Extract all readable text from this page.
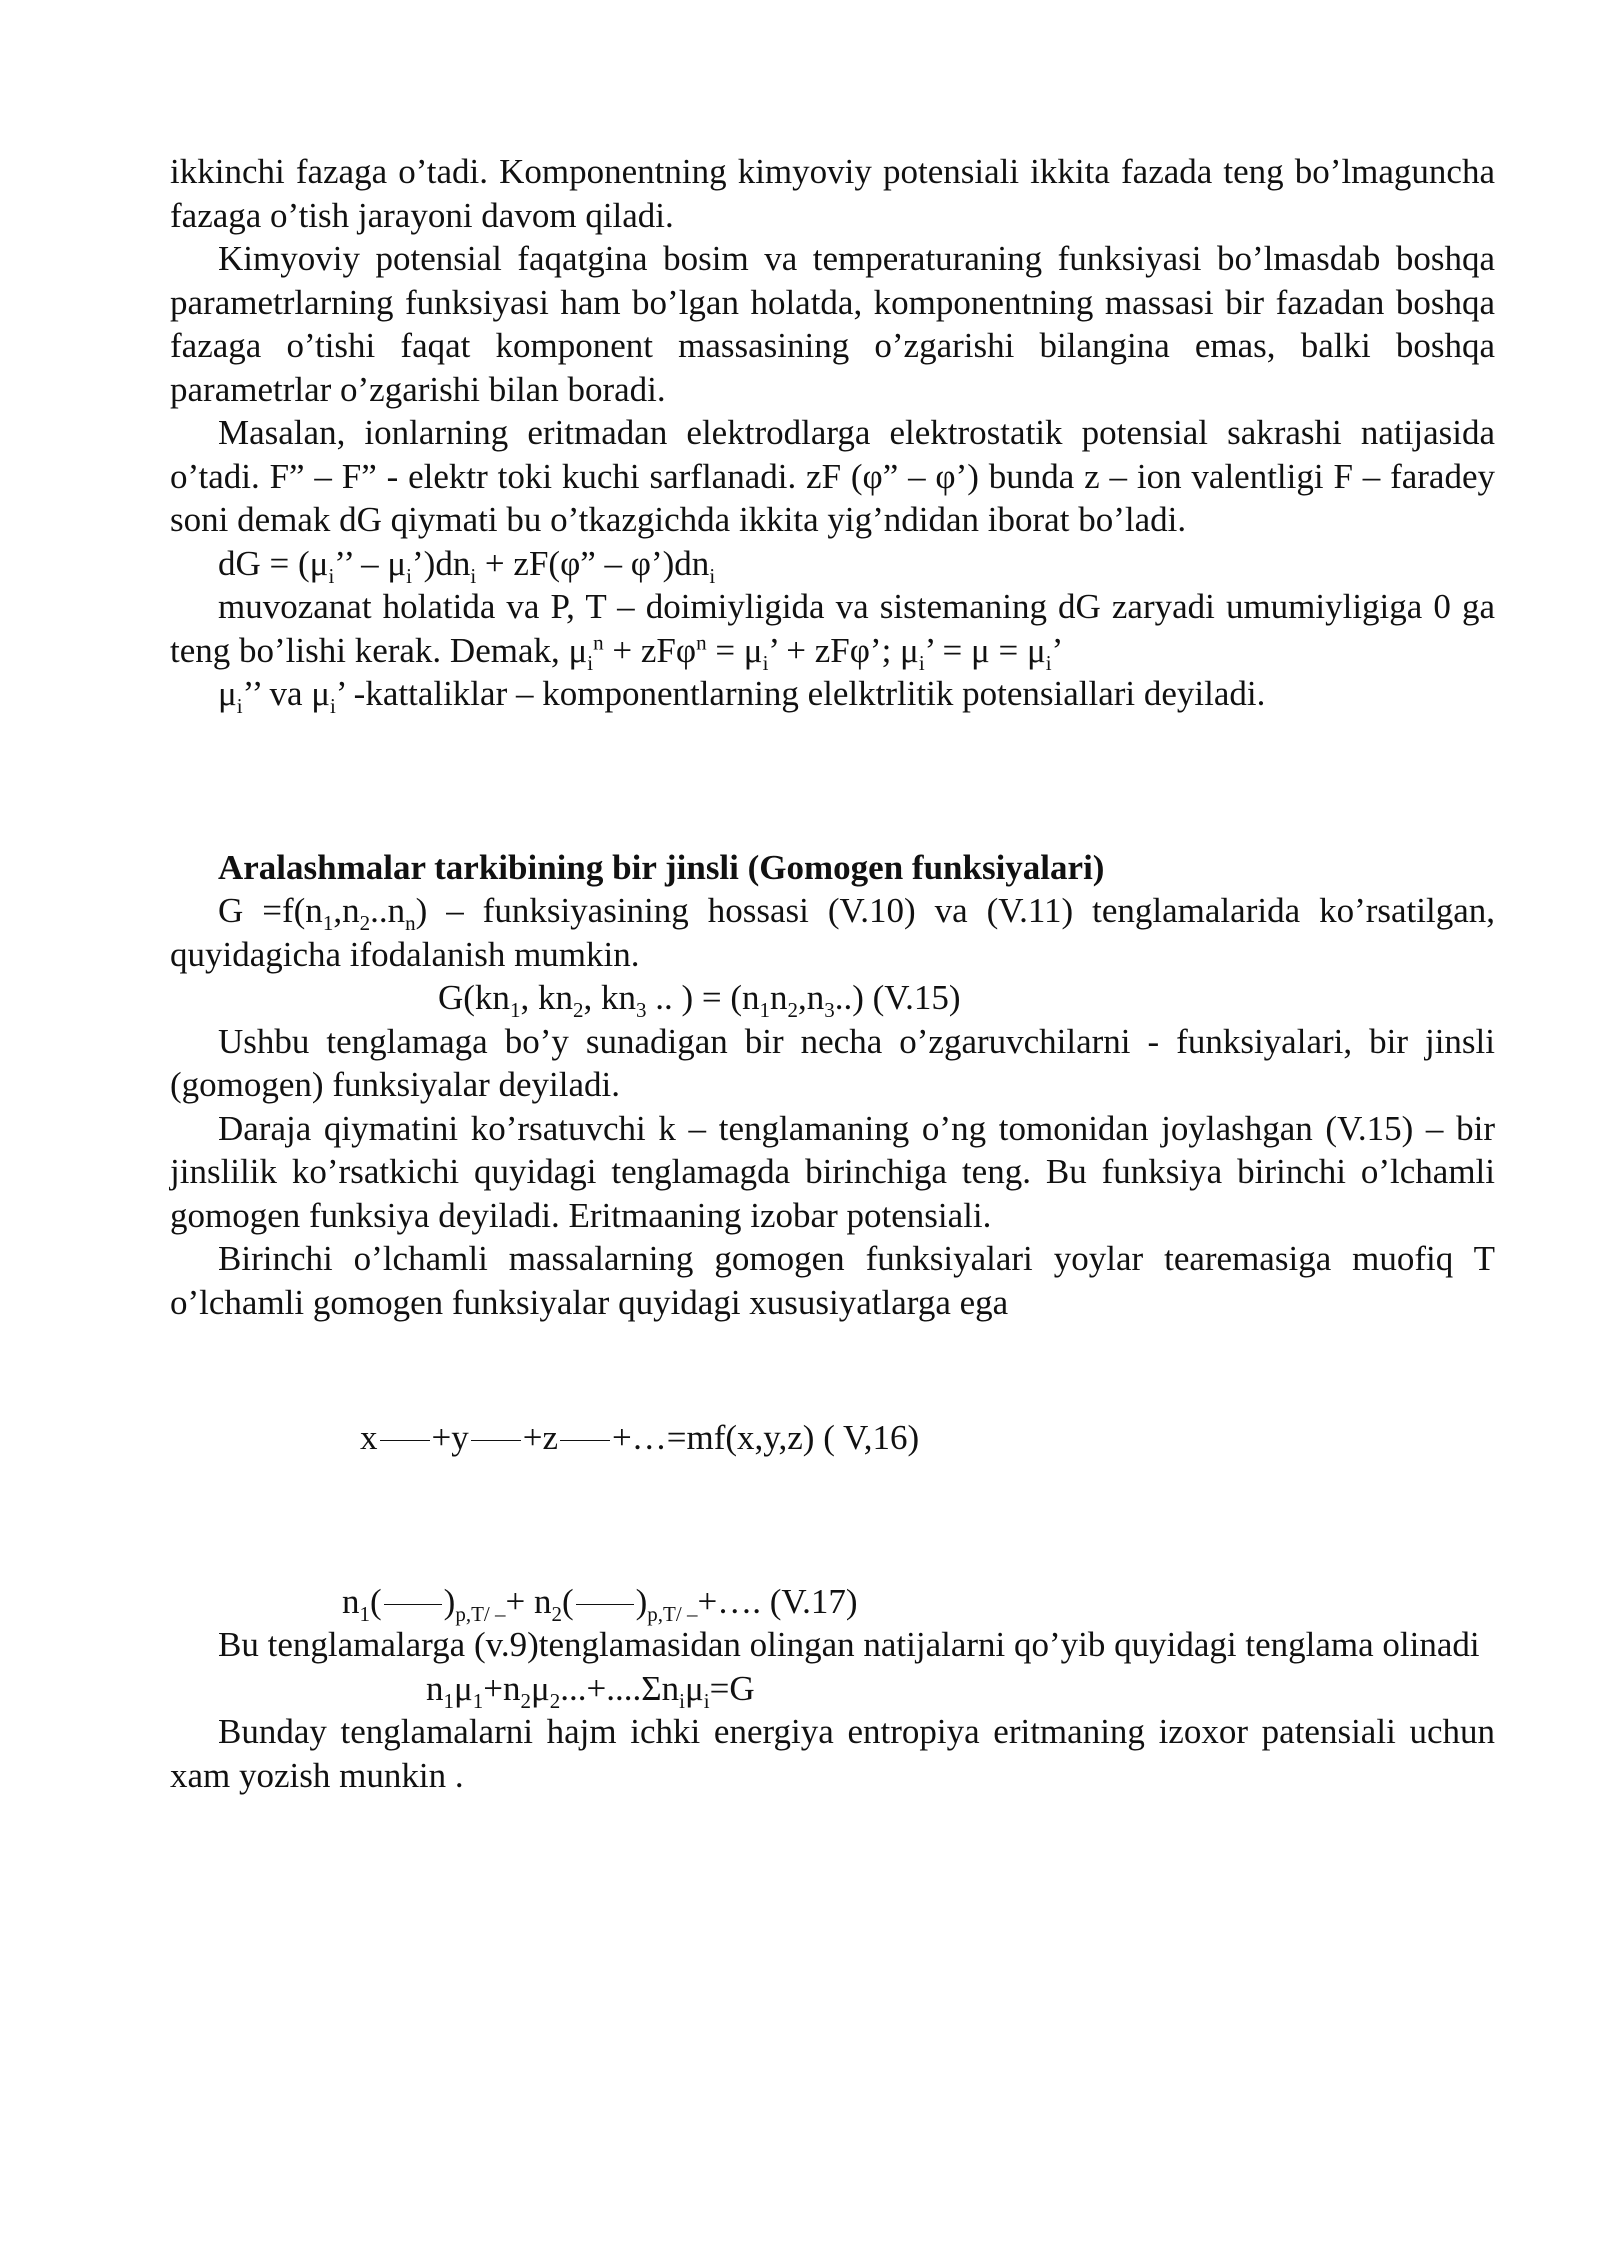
ikkinchi fazaga o’tadi. Komponentning kimyoviy potensiali ikkita fazada teng bo’lmaguncha fazaga o’tish jarayoni davom qiladi.

Kimyoviy potensial faqatgina bosim va temperaturaning funksiyasi bo’lmasdab boshqa parametrlarning funksiyasi ham bo’lgan holatda, komponentning massasi bir fazadan boshqa fazaga o’tishi faqat komponent massasining o’zgarishi bilangina emas, balki boshqa parametrlar o’zgarishi bilan boradi.

Masalan, ionlarning eritmadan elektrodlarga elektrostatik potensial sakrashi natijasida o’tadi. F” – F” - elektr toki kuchi sarflanadi. zF (φ” – φ’) bunda z – ion valentligi F – faradey soni demak dG qiymati bu o’tkazgichda ikkita yig’ndidan iborat bo’ladi.

dG = ($\mu_i$’’ – $\mu_i’)dn_i + zF(\varphi$” – $\varphi’)dn_i$

muvozanat holatida va P, T – doimiyligida va sistemaning dG zaryadi umumiyligiga 0 ga teng bo’lishi kerak. Demak, $\mu_i^n + zF\varphi^n = \mu_i$’ + zFφ’; $\mu_i$’ = $\mu = \mu_i$’

$\mu_i$’’ va $\mu_i$’ -kattaliklar – komponentlarning elelktrlitik potensiallari deyiladi.

Aralashmalar tarkibining bir jinsli (Gomogen funksiyalari)

$G =f(n_1,n_2..n_n)$ – funksiyasining hossasi (V.10) va (V.11) tenglamalarida ko’rsatilgan, quyidagicha ifodalanish mumkin.

$G(kn_1$, $kn_2$, $kn_3$ .. ) = $(n_1n_2,n_3..)$ (V.15)

Ushbu tenglamaga bo’y sunadigan bir necha o’zgaruvchilarni - funksiyalari, bir jinsli (gomogen) funksiyalar deyiladi.

Daraja qiymatini ko’rsatuvchi k – tenglamaning o’ng tomonidan joylashgan (V.15) – bir jinslilik ko’rsatkichi quyidagi tenglamagda birinchiga teng. Bu funksiya birinchi o’lchamli gomogen funksiya deyiladi. Eritmaaning izobar potensiali.

Birinchi o’lchamli massalarning gomogen funksiyalari yoylar tearemasiga muofiq T o’lchamli gomogen funksiyalar quyidagi xususiyatlarga ega

x +y +z +…=mf(x,y,z) ( V,16)

$n_1$( )$_{p,T/ -}+ n_2$( )$_{p,T/ -}+\dots$. (V.17)

Bu tenglamalarga (v.9)tenglamasidan olingan natijalarni qo’yib quyidagi tenglama olinadi

$n_1\mu_1+n_2\mu_2...+....\Sigma n_i\mu_i=G$

Bunday tenglamalarni hajm ichki energiya entropiya eritmaning izoxor patensiali uchun xam yozish munkin .
